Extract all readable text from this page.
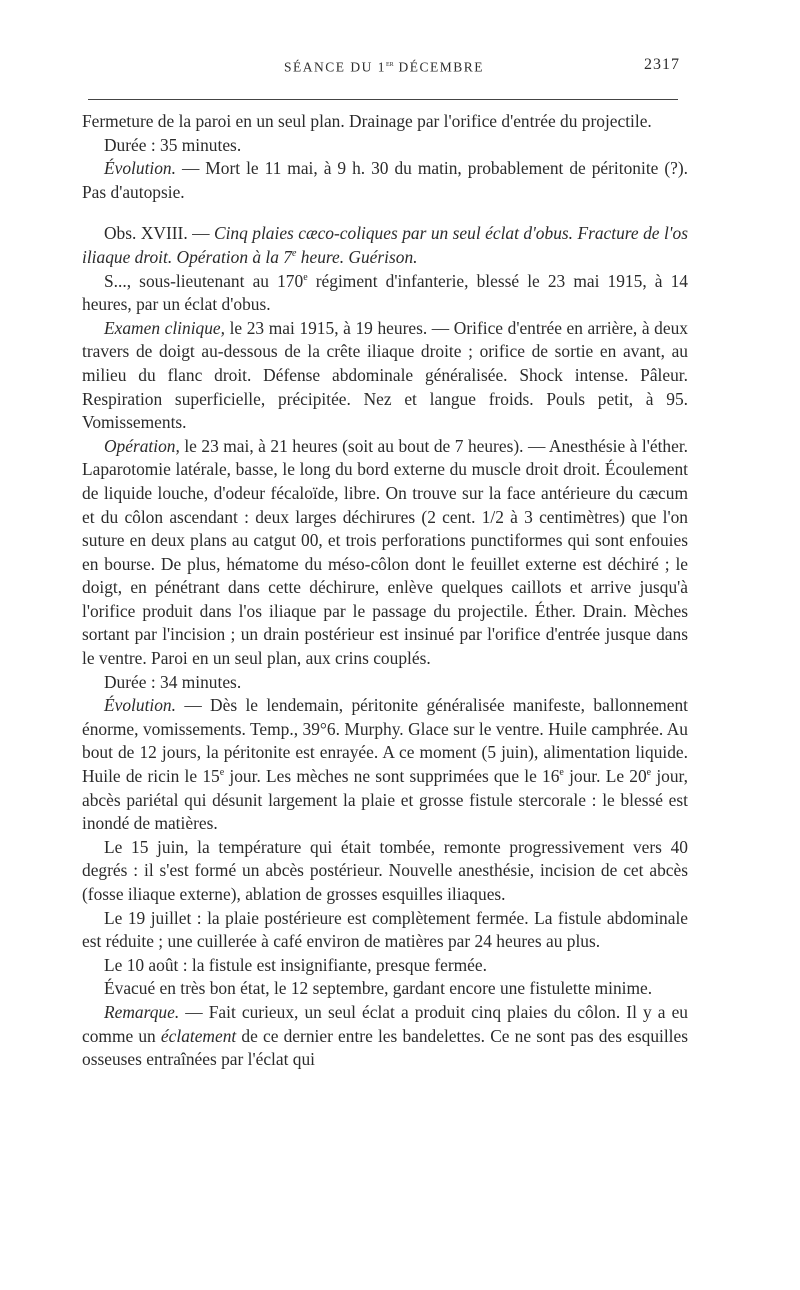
SÉANCE DU 1er DÉCEMBRE	2317

Fermeture de la paroi en un seul plan. Drainage par l'orifice d'entrée du projectile.

Durée : 35 minutes.

Évolution. — Mort le 11 mai, à 9 h. 30 du matin, probablement de péritonite (?). Pas d'autopsie.

Obs. XVIII. — Cinq plaies cæco-coliques par un seul éclat d'obus. Fracture de l'os iliaque droit. Opération à la 7e heure. Guérison.

S..., sous-lieutenant au 170e régiment d'infanterie, blessé le 23 mai 1915, à 14 heures, par un éclat d'obus.

Examen clinique, le 23 mai 1915, à 19 heures. — Orifice d'entrée en arrière, à deux travers de doigt au-dessous de la crête iliaque droite ; orifice de sortie en avant, au milieu du flanc droit. Défense abdominale généralisée. Shock intense. Pâleur. Respiration superficielle, précipitée. Nez et langue froids. Pouls petit, à 95. Vomissements.

Opération, le 23 mai, à 21 heures (soit au bout de 7 heures). — Anesthésie à l'éther. Laparotomie latérale, basse, le long du bord externe du muscle droit droit. Écoulement de liquide louche, d'odeur fécaloïde, libre. On trouve sur la face antérieure du cæcum et du côlon ascendant : deux larges déchirures (2 cent. 1/2 à 3 centimètres) que l'on suture en deux plans au catgut 00, et trois perforations punctiformes qui sont enfouies en bourse. De plus, hématome du méso-côlon dont le feuillet externe est déchiré ; le doigt, en pénétrant dans cette déchirure, enlève quelques caillots et arrive jusqu'à l'orifice produit dans l'os iliaque par le passage du projectile. Éther. Drain. Mèches sortant par l'incision ; un drain postérieur est insinué par l'orifice d'entrée jusque dans le ventre. Paroi en un seul plan, aux crins couplés.

Durée : 34 minutes.

Évolution. — Dès le lendemain, péritonite généralisée manifeste, ballonnement énorme, vomissements. Temp., 39°6. Murphy. Glace sur le ventre. Huile camphrée. Au bout de 12 jours, la péritonite est enrayée. A ce moment (5 juin), alimentation liquide. Huile de ricin le 15e jour. Les mèches ne sont supprimées que le 16e jour. Le 20e jour, abcès pariétal qui désunit largement la plaie et grosse fistule stercorale : le blessé est inondé de matières.

Le 15 juin, la température qui était tombée, remonte progressivement vers 40 degrés : il s'est formé un abcès postérieur. Nouvelle anesthésie, incision de cet abcès (fosse iliaque externe), ablation de grosses esquilles iliaques.

Le 19 juillet : la plaie postérieure est complètement fermée. La fistule abdominale est réduite ; une cuillerée à café environ de matières par 24 heures au plus.

Le 10 août : la fistule est insignifiante, presque fermée.

Évacué en très bon état, le 12 septembre, gardant encore une fistulette minime.

Remarque. — Fait curieux, un seul éclat a produit cinq plaies du côlon. Il y a eu comme un éclatement de ce dernier entre les bandelettes. Ce ne sont pas des esquilles osseuses entraînées par l'éclat qui
